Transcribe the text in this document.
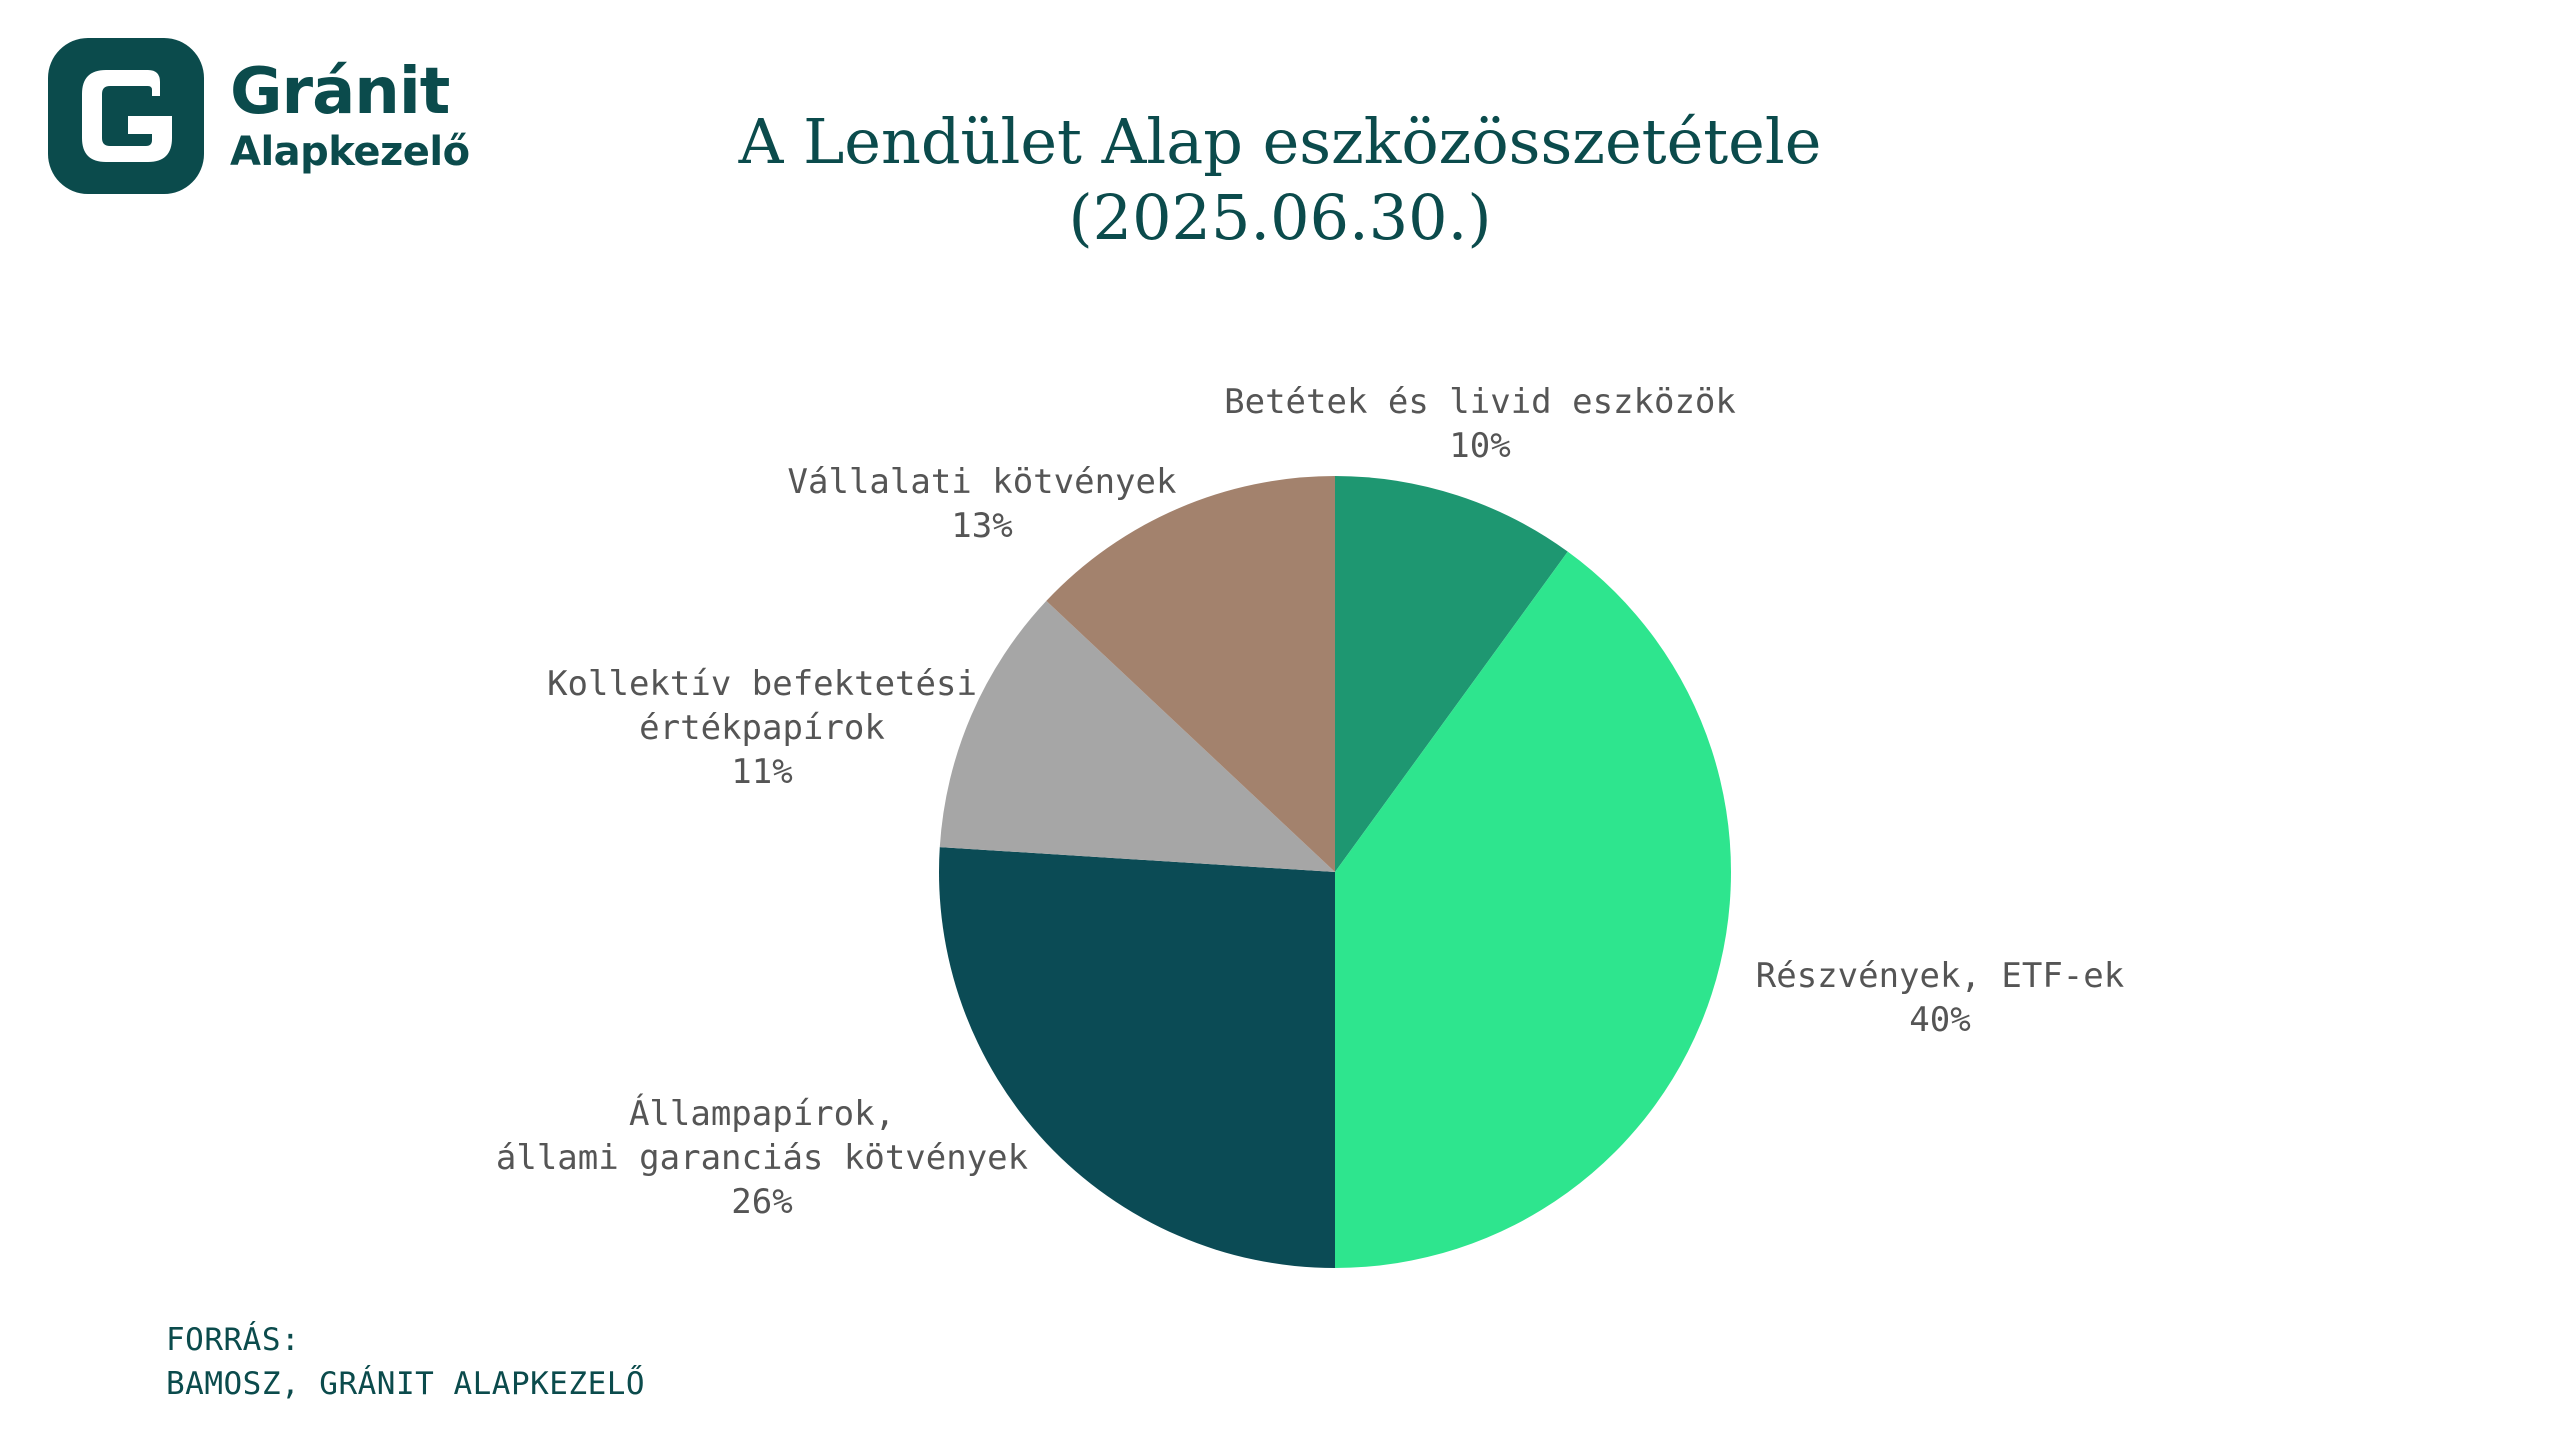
Gránit
Alapkezelő	A Lendület Alap eszközösszetétele
(2025.06.30.)
Betétek és livid eszközök
10%
Részvények, ETF-ek
40%
Állampapírok,
állami garanciás kötvények
26%
Kollektív befektetési
értékpapírok
11%
Vállalati kötvények
13%
FORRÁS:
BAMOSZ, GRÁNIT ALAPKEZELŐ
